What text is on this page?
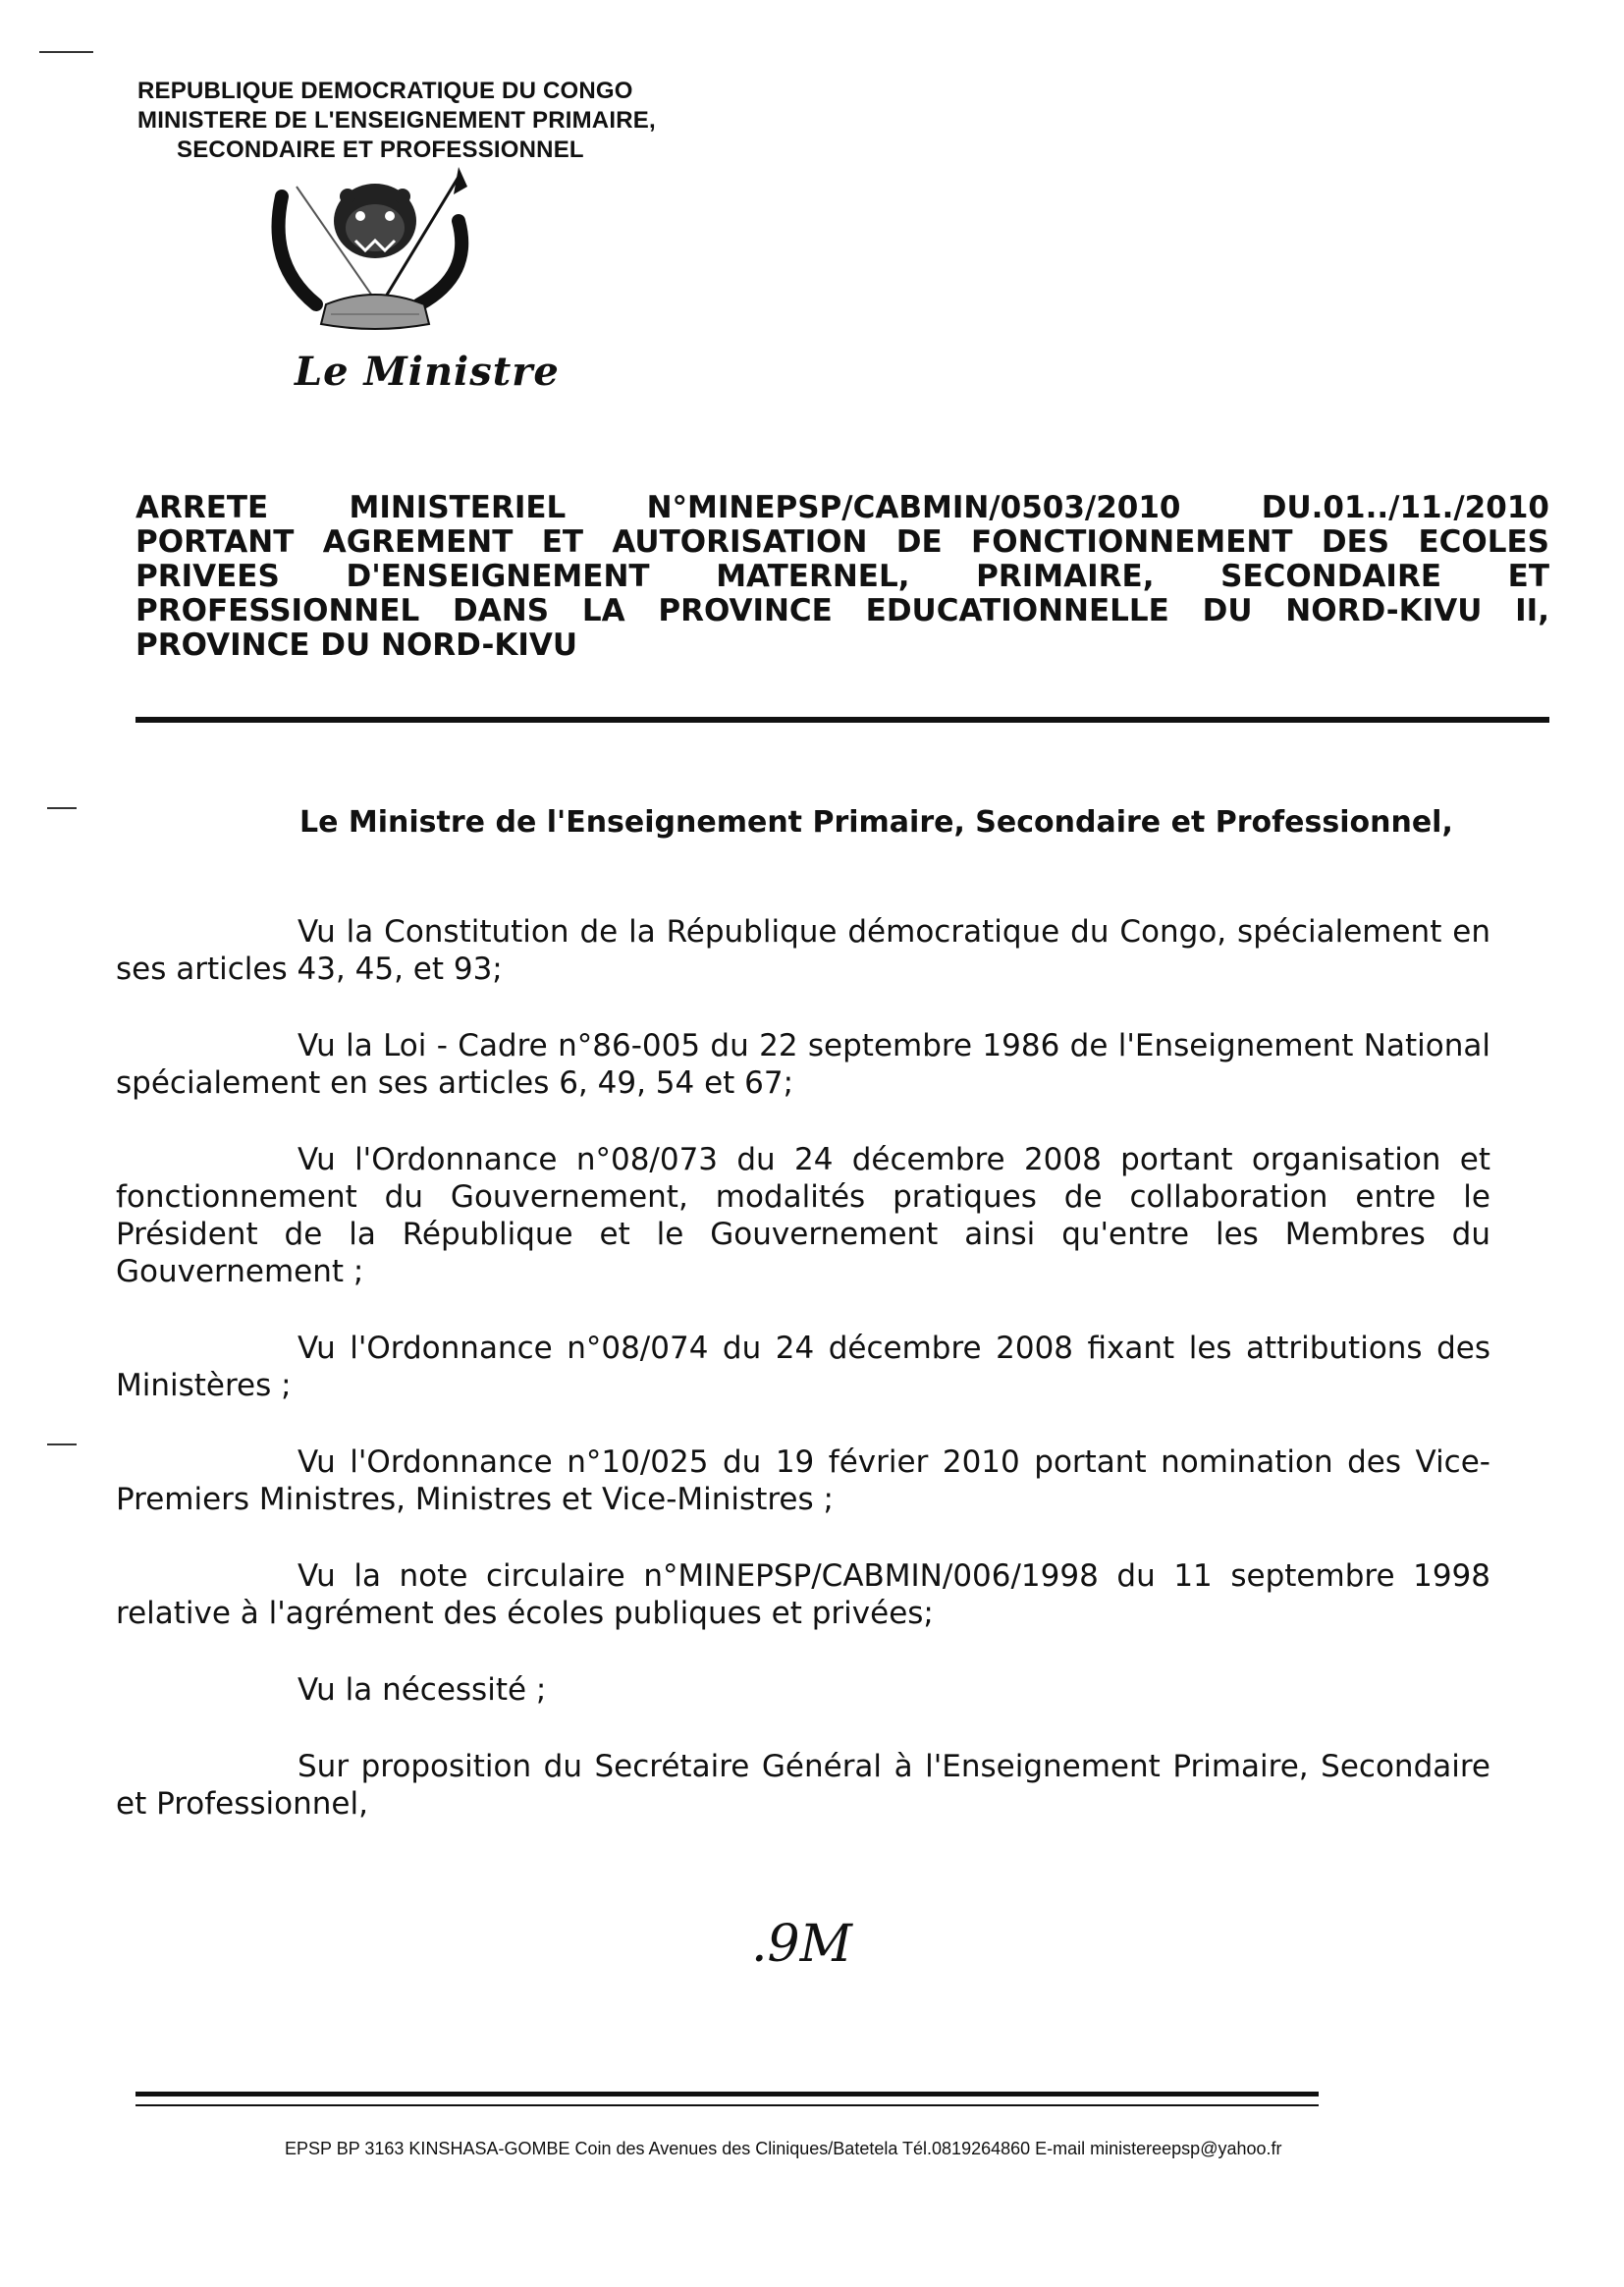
REPUBLIQUE DEMOCRATIQUE DU CONGO
MINISTERE DE L'ENSEIGNEMENT PRIMAIRE,
SECONDAIRE ET PROFESSIONNEL
Le Ministre
ARRETE	MINISTERIEL	N°MINEPSP/CABMIN/0503/2010	DU.01../11./2010
PORTANT AGREMENT ET AUTORISATION DE FONCTIONNEMENT DES ECOLES
PRIVEES D'ENSEIGNEMENT MATERNEL, PRIMAIRE, SECONDAIRE ET
PROFESSIONNEL DANS LA PROVINCE EDUCATIONNELLE DU NORD-KIVU II,
PROVINCE DU NORD-KIVU
Le Ministre de l'Enseignement Primaire, Secondaire et Professionnel,

Vu la Constitution de la République démocratique du Congo, spécialement en ses articles 43, 45, et 93;

Vu la Loi - Cadre n°86-005 du 22 septembre 1986 de l'Enseignement National spécialement en ses articles 6, 49, 54 et 67;

Vu l'Ordonnance n°08/073 du 24 décembre 2008 portant organisation et fonctionnement du Gouvernement, modalités pratiques de collaboration entre le Président de la République et le Gouvernement ainsi qu'entre les Membres du Gouvernement ;

Vu l'Ordonnance n°08/074 du 24 décembre 2008 fixant les attributions des Ministères ;

Vu l'Ordonnance n°10/025 du 19 février 2010 portant nomination des Vice-Premiers Ministres, Ministres et Vice-Ministres ;

Vu la note circulaire n°MINEPSP/CABMIN/006/1998 du 11 septembre 1998 relative à l'agrément des écoles publiques et privées;

Vu la nécessité ;

Sur proposition du Secrétaire Général à l'Enseignement Primaire, Secondaire et Professionnel,

.9M
EPSP BP 3163 KINSHASA-GOMBE Coin des Avenues des Cliniques/Batetela Tél.0819264860 E-mail ministereepsp@yahoo.fr
